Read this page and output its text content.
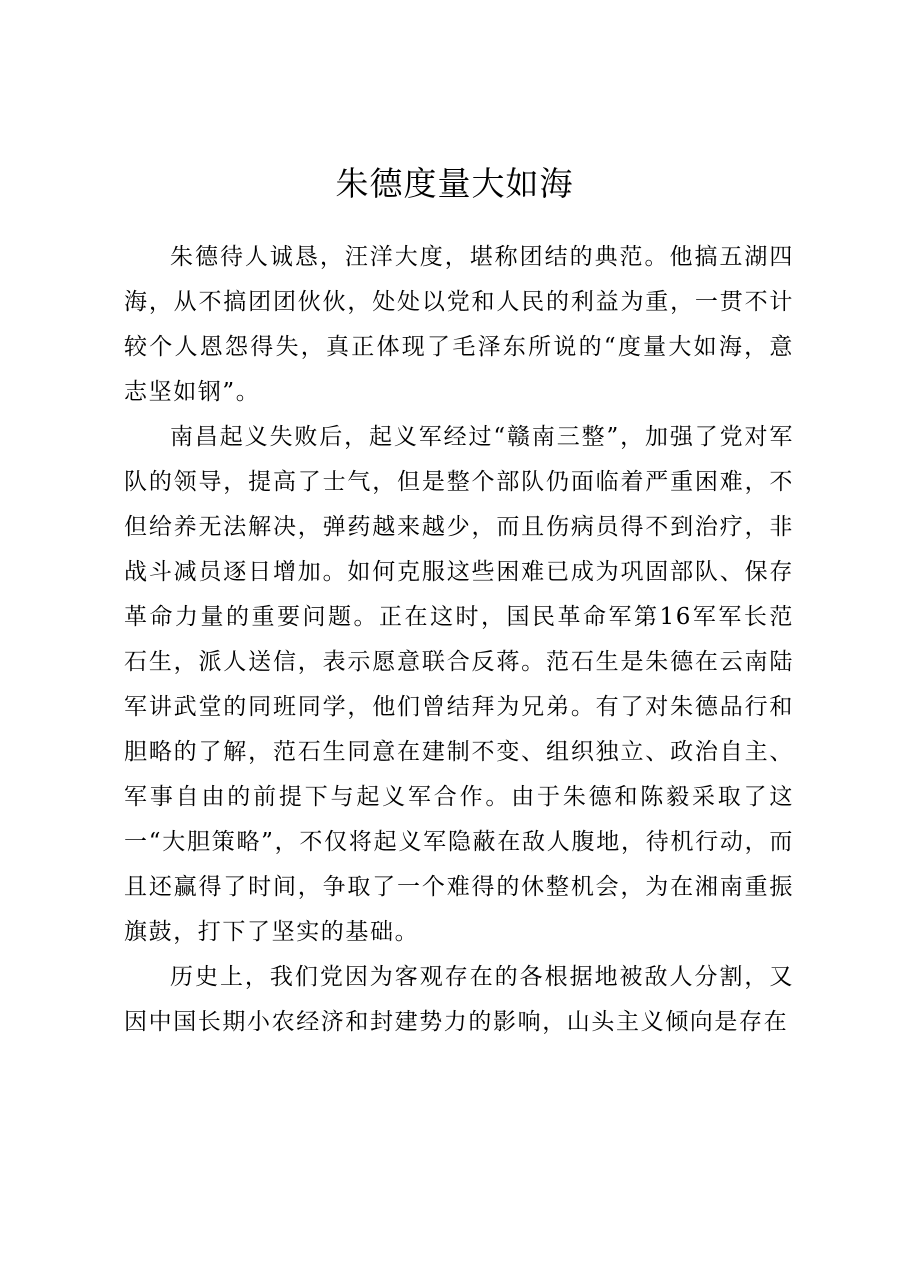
朱德度量大如海

朱德待人诚恳，汪洋大度，堪称团结的典范。他搞五湖四海，从不搞团团伙伙，处处以党和人民的利益为重，一贯不计较个人恩怨得失，真正体现了毛泽东所说的“度量大如海，意志坚如钢”。

南昌起义失败后，起义军经过“赣南三整”，加强了党对军队的领导，提高了士气，但是整个部队仍面临着严重困难，不但给养无法解决，弹药越来越少，而且伤病员得不到治疗，非战斗减员逐日增加。如何克服这些困难已成为巩固部队、保存革命力量的重要问题。正在这时，国民革命军第16军军长范石生，派人送信，表示愿意联合反蒋。范石生是朱德在云南陆军讲武堂的同班同学，他们曾结拜为兄弟。有了对朱德品行和胆略的了解，范石生同意在建制不变、组织独立、政治自主、军事自由的前提下与起义军合作。由于朱德和陈毅采取了这一“大胆策略”，不仅将起义军隐蔽在敌人腹地，待机行动，而且还赢得了时间，争取了一个难得的休整机会，为在湘南重振旗鼓，打下了坚实的基础。

历史上，我们党因为客观存在的各根据地被敌人分割，又因中国长期小农经济和封建势力的影响，山头主义倾向是存在
